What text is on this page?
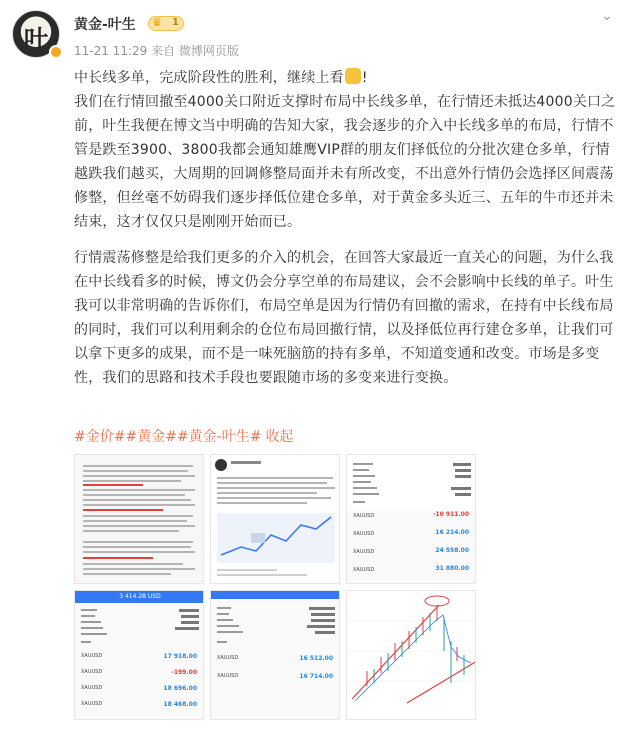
叶	黄金-叶生 ♛ 1
11-21 11:29 来自 微博网页版
⌄

中长线多单，完成阶段性的胜利，继续上看 !
我们在行情回撤至4000关口附近支撑时布局中长线多单，在行情还未抵达4000关口之前，叶生我便在博文当中明确的告知大家，我会逐步的介入中长线多单的布局，行情不管是跌至3900、3800我都会通知雄鹰VIP群的朋友们择低位的分批次建仓多单，行情越跌我们越买，大周期的回调修整局面并未有所改变，不出意外行情仍会选择区间震荡修整，但丝毫不妨碍我们逐步择低位建仓多单，对于黄金多头近三、五年的牛市还并未结束，这才仅仅只是刚刚开始而已。

行情震荡修整是给我们更多的介入的机会，在回答大家最近一直关心的问题，为什么我在中长线看多的时候，博文仍会分享空单的布局建议，会不会影响中长线的单子。叶生我可以非常明确的告诉你们，布局空单是因为行情仍有回撤的需求，在持有中长线布局的同时，我们可以利用剩余的仓位布局回撤行情，以及择低位再行建仓多单，让我们可以拿下更多的成果，而不是一味死脑筋的持有多单，不知道变通和改变。市场是多变性，我们的思路和技术手段也要跟随市场的多变来进行变换。

#金价##黄金##黄金-叶生# 收起
XAUUSD	-10 911.00
XAUUSD	16 214.00
XAUUSD	24 558.00
XAUUSD	31 880.00
3 414.28 USD
XAUUSD	17 918.00
XAUUSD	-199.00
XAUUSD	18 696.00
XAUUSD	18 468.00
XAUUSD	16 512.00
XAUUSD	16 714.00
